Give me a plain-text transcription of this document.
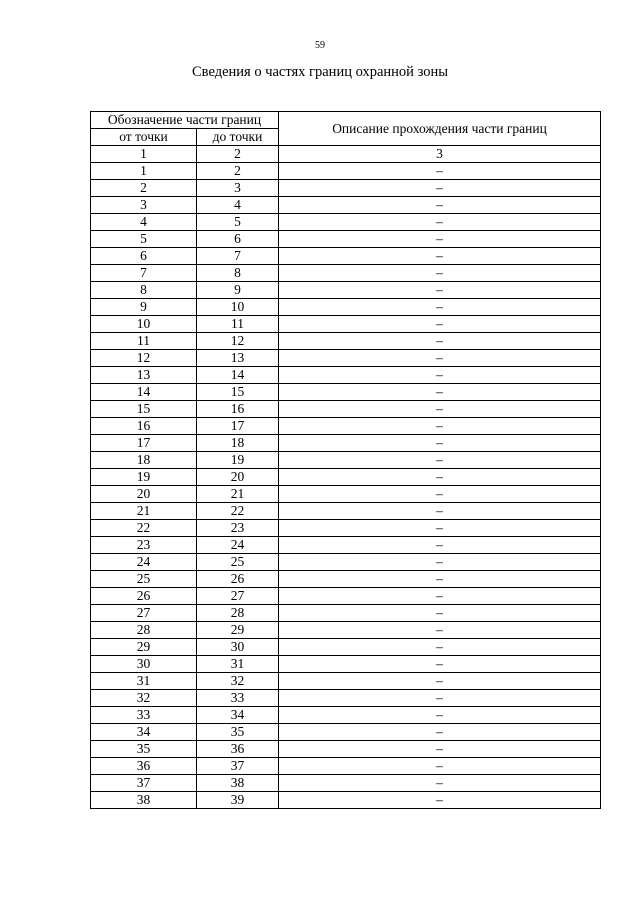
59
Сведения о частях границ охранной зоны
Обозначение части границ		Описание прохождения части границ
от точки	до точки	
1	2	3
1	2	–
2	3	–
3	4	–
4	5	–
5	6	–
6	7	–
7	8	–
8	9	–
9	10	–
10	11	–
11	12	–
12	13	–
13	14	–
14	15	–
15	16	–
16	17	–
17	18	–
18	19	–
19	20	–
20	21	–
21	22	–
22	23	–
23	24	–
24	25	–
25	26	–
26	27	–
27	28	–
28	29	–
29	30	–
30	31	–
31	32	–
32	33	–
33	34	–
34	35	–
35	36	–
36	37	–
37	38	–
38	39	–
